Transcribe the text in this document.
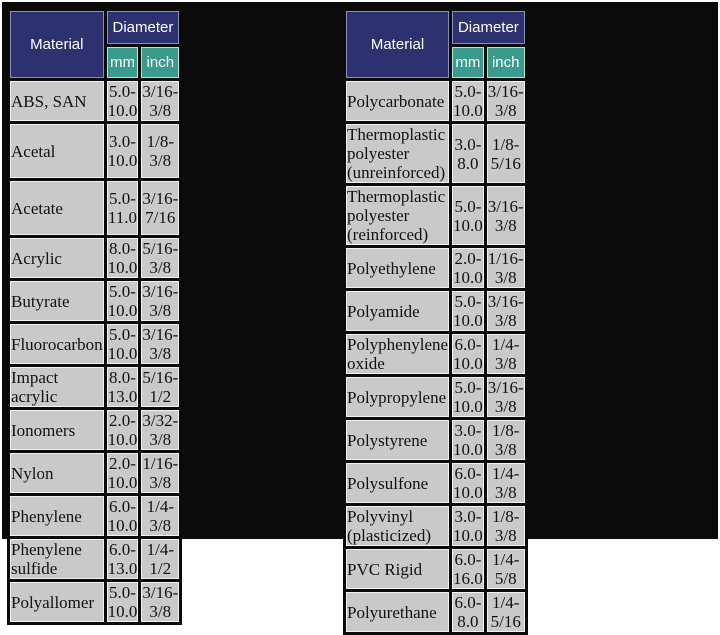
Material	Diameter	
	mm	inch
ABS, SAN	5.0-10.0	3/16-3/8
Acetal	3.0-10.0	1/8-3/8
Acetate	5.0-11.0	3/16-7/16
Acrylic	8.0-10.0	5/16-3/8
Butyrate	5.0-10.0	3/16-3/8
Fluorocarbon	5.0-10.0	3/16-3/8
Impact acrylic	8.0-13.0	5/16-1/2
Ionomers	2.0-10.0	3/32-3/8
Nylon	2.0-10.0	1/16-3/8
Phenylene	6.0-10.0	1/4-3/8
Phenylene sulfide	6.0-13.0	1/4-1/2
Polyallomer	5.0-10.0	3/16-3/8
Material	Diameter	
	mm	inch
Polycarbonate	5.0-10.0	3/16-3/8
Thermoplastic polyester (unreinforced)	3.0-8.0	1/8-5/16
Thermoplastic polyester (reinforced)	5.0-10.0	3/16-3/8
Polyethylene	2.0-10.0	1/16-3/8
Polyamide	5.0-10.0	3/16-3/8
Polyphenylene oxide	6.0-10.0	1/4-3/8
Polypropylene	5.0-10.0	3/16-3/8
Polystyrene	3.0-10.0	1/8-3/8
Polysulfone	6.0-10.0	1/4-3/8
Polyvinyl (plasticized)	3.0-10.0	1/8-3/8
PVC Rigid	6.0-16.0	1/4-5/8
Polyurethane	6.0-8.0	1/4-5/16
